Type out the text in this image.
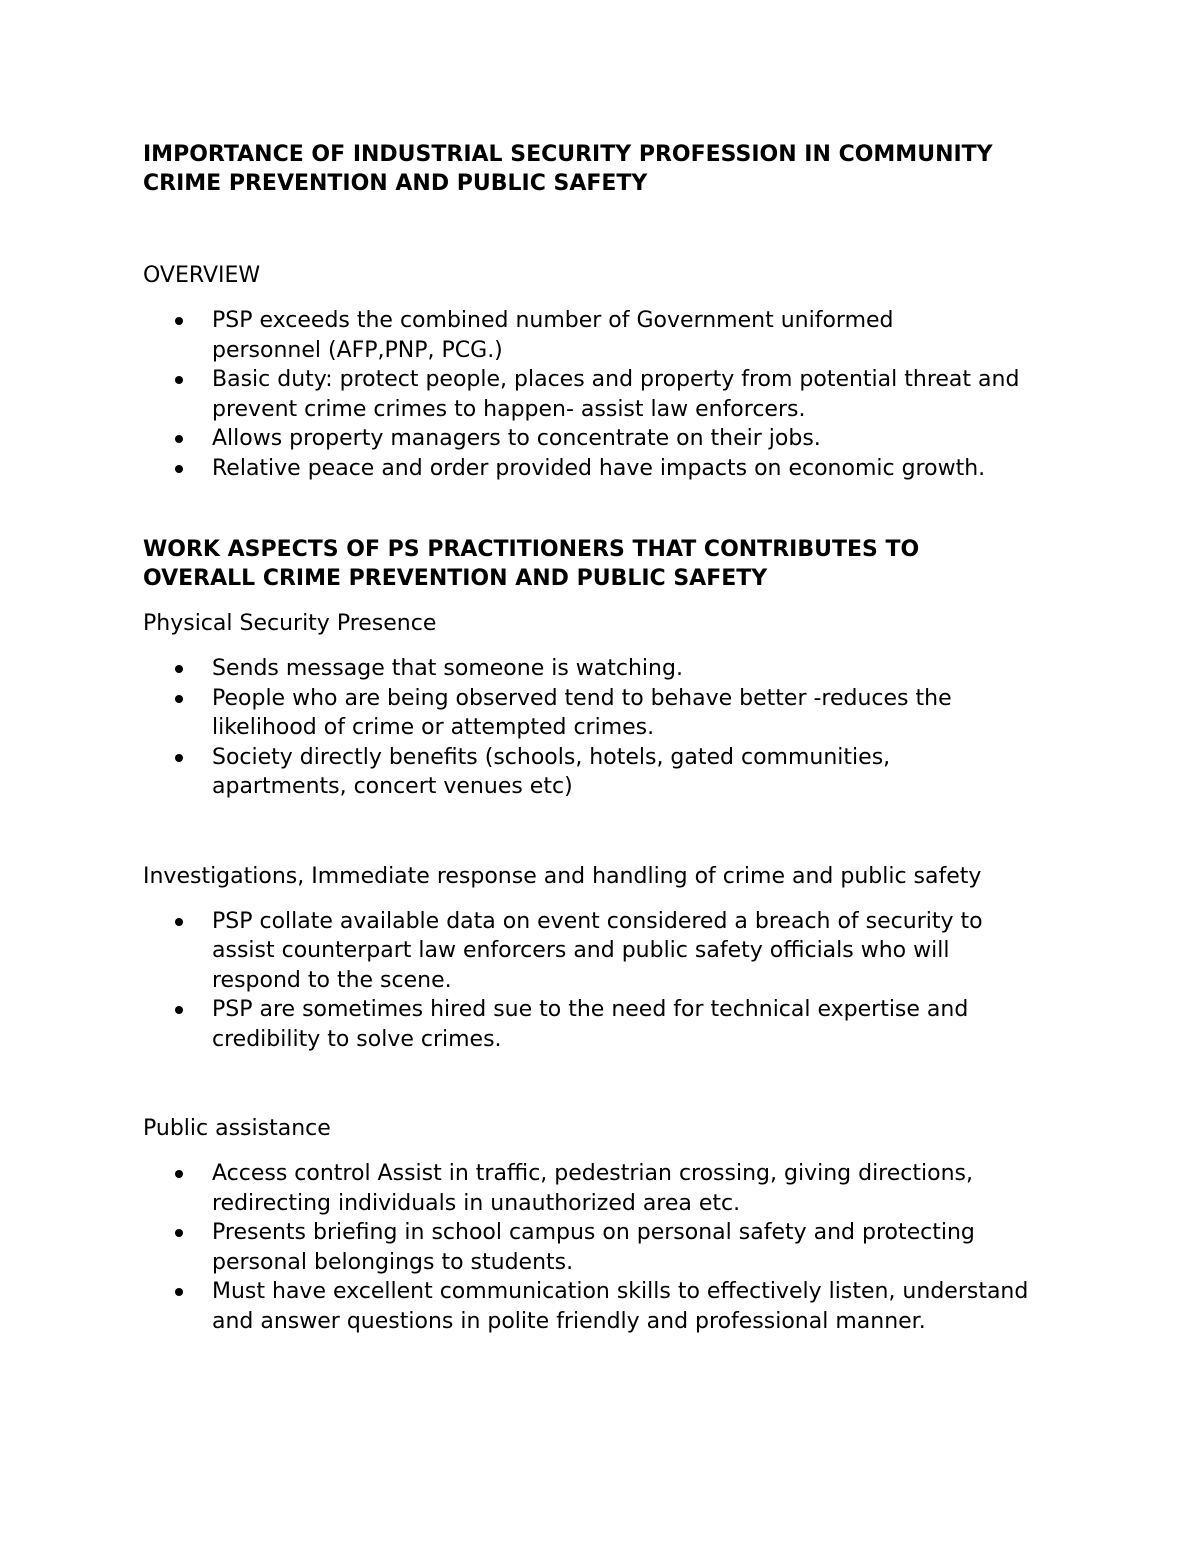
IMPORTANCE OF INDUSTRIAL SECURITY PROFESSION IN COMMUNITY
CRIME PREVENTION AND PUBLIC SAFETY
OVERVIEW
PSP exceeds the combined number of Government uniformed personnel (AFP,PNP, PCG.)
Basic duty: protect people, places and property from potential threat and prevent crime crimes to happen- assist law enforcers.
Allows property managers to concentrate on their jobs.
Relative peace and order provided have impacts on economic growth.
WORK ASPECTS OF PS PRACTITIONERS THAT CONTRIBUTES TO
OVERALL CRIME PREVENTION AND PUBLIC SAFETY
Physical Security Presence
Sends message that someone is watching.
People who are being observed tend to behave better -reduces the likelihood of crime or attempted crimes.
Society directly benefits (schools, hotels, gated communities, apartments, concert venues etc)
Investigations, Immediate response and handling of crime and public safety
PSP collate available data on event considered a breach of security to assist counterpart law enforcers and public safety officials who will respond to the scene.
PSP are sometimes hired sue to the need for technical expertise and credibility to solve crimes.
Public assistance
Access control Assist in traffic, pedestrian crossing, giving directions, redirecting individuals in unauthorized area etc.
Presents briefing in school campus on personal safety and protecting personal belongings to students.
Must have excellent communication skills to effectively listen, understand and answer questions in polite friendly and professional manner.
